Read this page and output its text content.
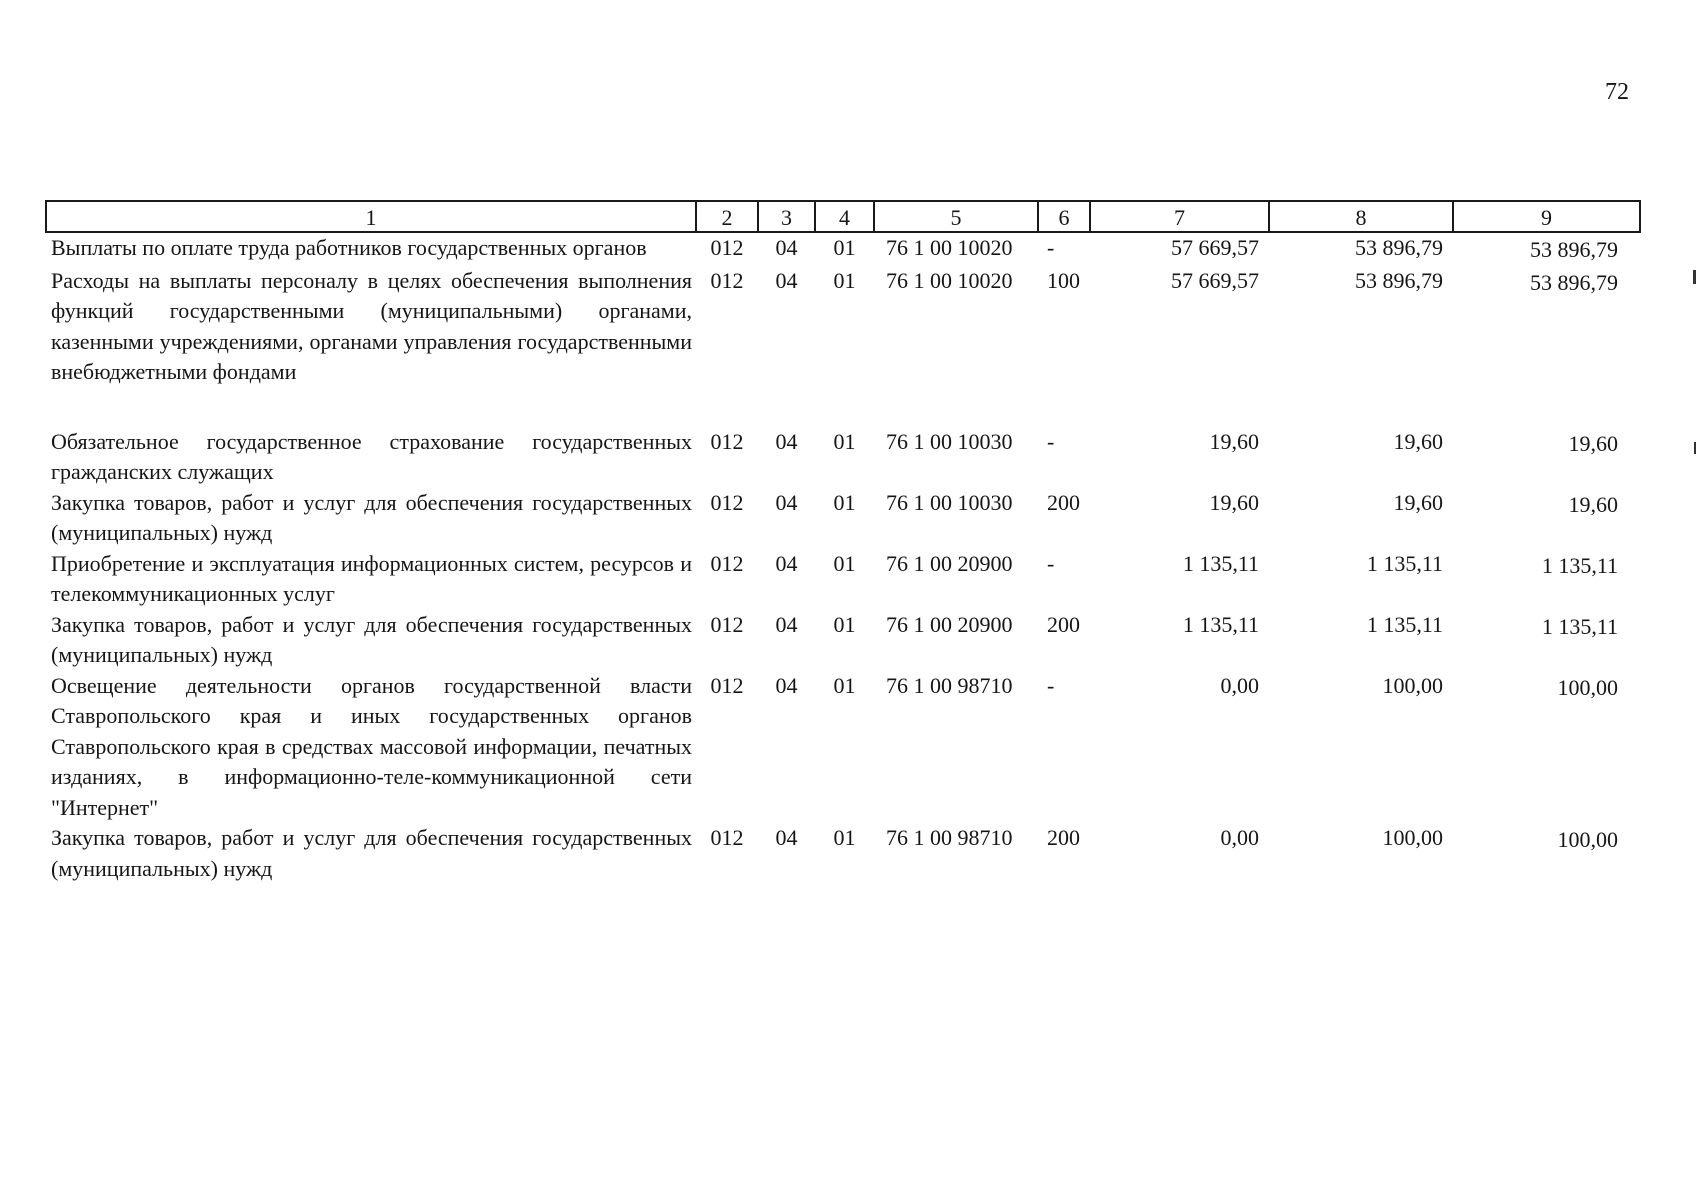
72
1	2	3	4	5	6	7	8	9
Выплаты по оплате труда работников государственных органов	012	04	01	76 1 00 10020	-	57 669,57	53 896,79	53 896,79
Расходы на выплаты персоналу в целях обеспечения выполнения функций государственными (муниципальными) органами, казенными учреждениями, органами управления государственными внебюджетными фондами	012	04	01	76 1 00 10020	100	57 669,57	53 896,79	53 896,79
Обязательное государственное страхование государственных гражданских служащих	012	04	01	76 1 00 10030	-	19,60	19,60	19,60
Закупка товаров, работ и услуг для обеспечения государственных (муниципальных) нужд	012	04	01	76 1 00 10030	200	19,60	19,60	19,60
Приобретение и эксплуатация информационных систем, ресурсов и телекоммуникационных услуг	012	04	01	76 1 00 20900	-	1 135,11	1 135,11	1 135,11
Закупка товаров, работ и услуг для обеспечения государственных (муниципальных) нужд	012	04	01	76 1 00 20900	200	1 135,11	1 135,11	1 135,11
Освещение деятельности органов государственной власти Ставропольского края и иных государственных органов Ставропольского края в средствах массовой информации, печатных изданиях, в информационно-теле-коммуникационной сети "Интернет"	012	04	01	76 1 00 98710	-	0,00	100,00	100,00
Закупка товаров, работ и услуг для обеспечения государственных (муниципальных) нужд	012	04	01	76 1 00 98710	200	0,00	100,00	100,00
